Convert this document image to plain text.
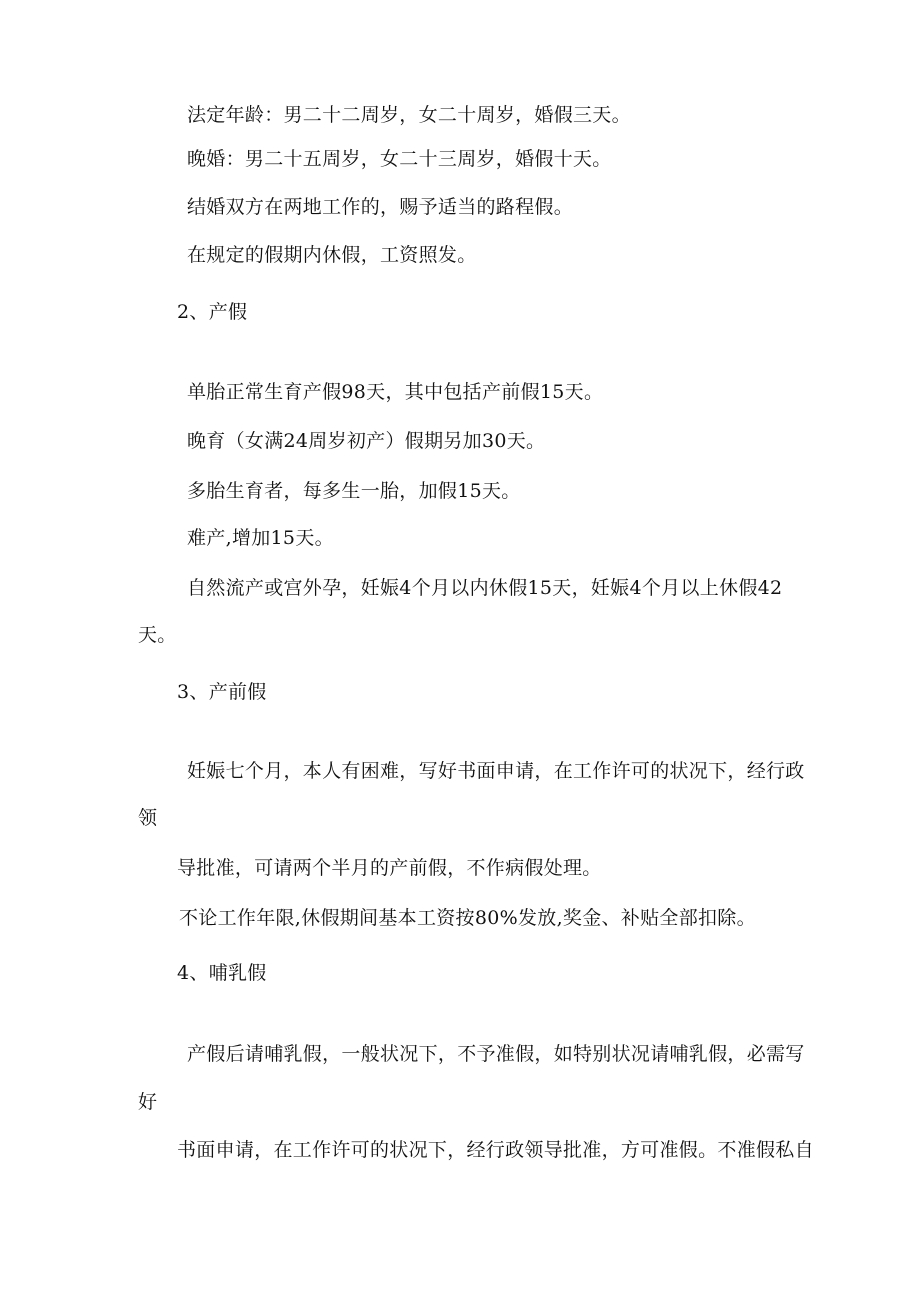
法定年龄：男二十二周岁，女二十周岁，婚假三天。
晚婚：男二十五周岁，女二十三周岁，婚假十天。
结婚双方在两地工作的，赐予适当的路程假。
在规定的假期内休假，工资照发。
2、产假
单胎正常生育产假98天，其中包括产前假15天。
晚育（女满24周岁初产）假期另加30天。
多胎生育者，每多生一胎，加假15天。
难产,增加15天。
自然流产或宫外孕，妊娠4个月以内休假15天，妊娠4个月以上休假42
天。
3、产前假
妊娠七个月，本人有困难，写好书面申请，在工作许可的状况下，经行政
领
导批准，可请两个半月的产前假，不作病假处理。
不论工作年限,休假期间基本工资按80%发放,奖金、补贴全部扣除。
4、哺乳假
产假后请哺乳假，一般状况下，不予准假，如特别状况请哺乳假，必需写
好
书面申请，在工作许可的状况下，经行政领导批准，方可准假。不准假私自
